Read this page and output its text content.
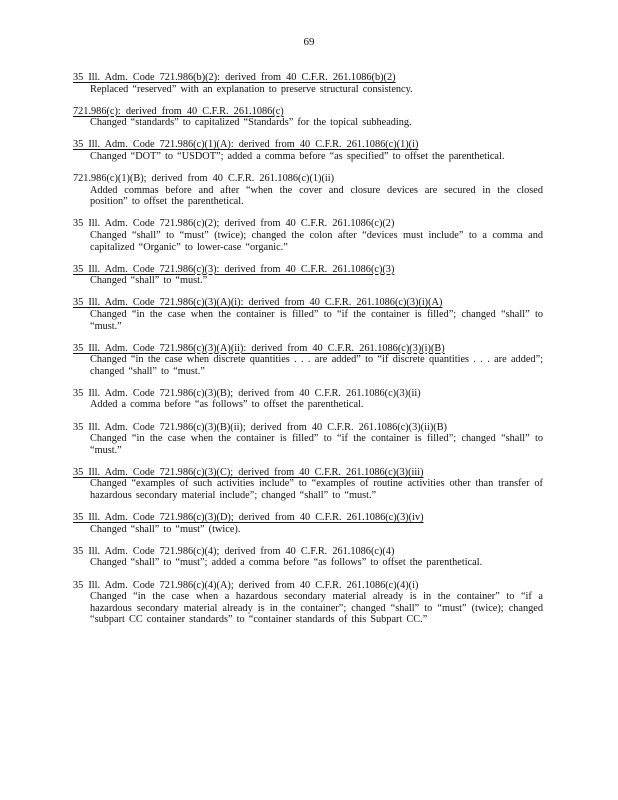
69
35 Ill. Adm. Code 721.986(b)(2): derived from 40 C.F.R. 261.1086(b)(2)
Replaced “reserved” with an explanation to preserve structural consistency.
721.986(c): derived from 40 C.F.R. 261.1086(c)
Changed “standards” to capitalized “Standards” for the topical subheading.
35 Ill. Adm. Code 721.986(c)(1)(A): derived from 40 C.F.R. 261.1086(c)(1)(i)
Changed “DOT” to “USDOT”; added a comma before “as specified” to offset the parenthetical.
721.986(c)(1)(B); derived from 40 C.F.R. 261.1086(c)(1)(ii)
Added commas before and after “when the cover and closure devices are secured in the closed position” to offset the parenthetical.
35 Ill. Adm. Code 721.986(c)(2); derived from 40 C.F.R. 261.1086(c)(2)
Changed “shall” to “must” (twice); changed the colon after “devices must include” to a comma and capitalized “Organic” to lower-case “organic.”
35 Ill. Adm. Code 721.986(c)(3): derived from 40 C.F.R. 261.1086(c)(3)
Changed “shall” to “must.”
35 Ill. Adm. Code 721.986(c)(3)(A)(i): derived from 40 C.F.R. 261.1086(c)(3)(i)(A)
Changed “in the case when the container is filled” to “if the container is filled”; changed “shall” to “must.”
35 Ill. Adm. Code 721.986(c)(3)(A)(ii): derived from 40 C.F.R. 261.1086(c)(3)(i)(B)
Changed “in the case when discrete quantities . . . are added” to “if discrete quantities . . . are added”; changed “shall” to “must.”
35 Ill. Adm. Code 721.986(c)(3)(B); derived from 40 C.F.R. 261.1086(c)(3)(ii)
Added a comma before “as follows” to offset the parenthetical.
35 Ill. Adm. Code 721.986(c)(3)(B)(ii); derived from 40 C.F.R. 261.1086(c)(3)(ii)(B)
Changed “in the case when the container is filled” to “if the container is filled”; changed “shall” to “must.”
35 Ill. Adm. Code 721.986(c)(3)(C); derived from 40 C.F.R. 261.1086(c)(3)(iii)
Changed “examples of such activities include” to “examples of routine activities other than transfer of hazardous secondary material include”; changed “shall” to “must.”
35 Ill. Adm. Code 721.986(c)(3)(D); derived from 40 C.F.R. 261.1086(c)(3)(iv)
Changed “shall” to “must” (twice).
35 Ill. Adm. Code 721.986(c)(4); derived from 40 C.F.R. 261.1086(c)(4)
Changed “shall” to “must”; added a comma before “as follows” to offset the parenthetical.
35 Ill. Adm. Code 721.986(c)(4)(A); derived from 40 C.F.R. 261.1086(c)(4)(i)
Changed “in the case when a hazardous secondary material already is in the container” to “if a hazardous secondary material already is in the container”; changed “shall” to “must” (twice); changed “subpart CC container standards” to “container standards of this Subpart CC.”
